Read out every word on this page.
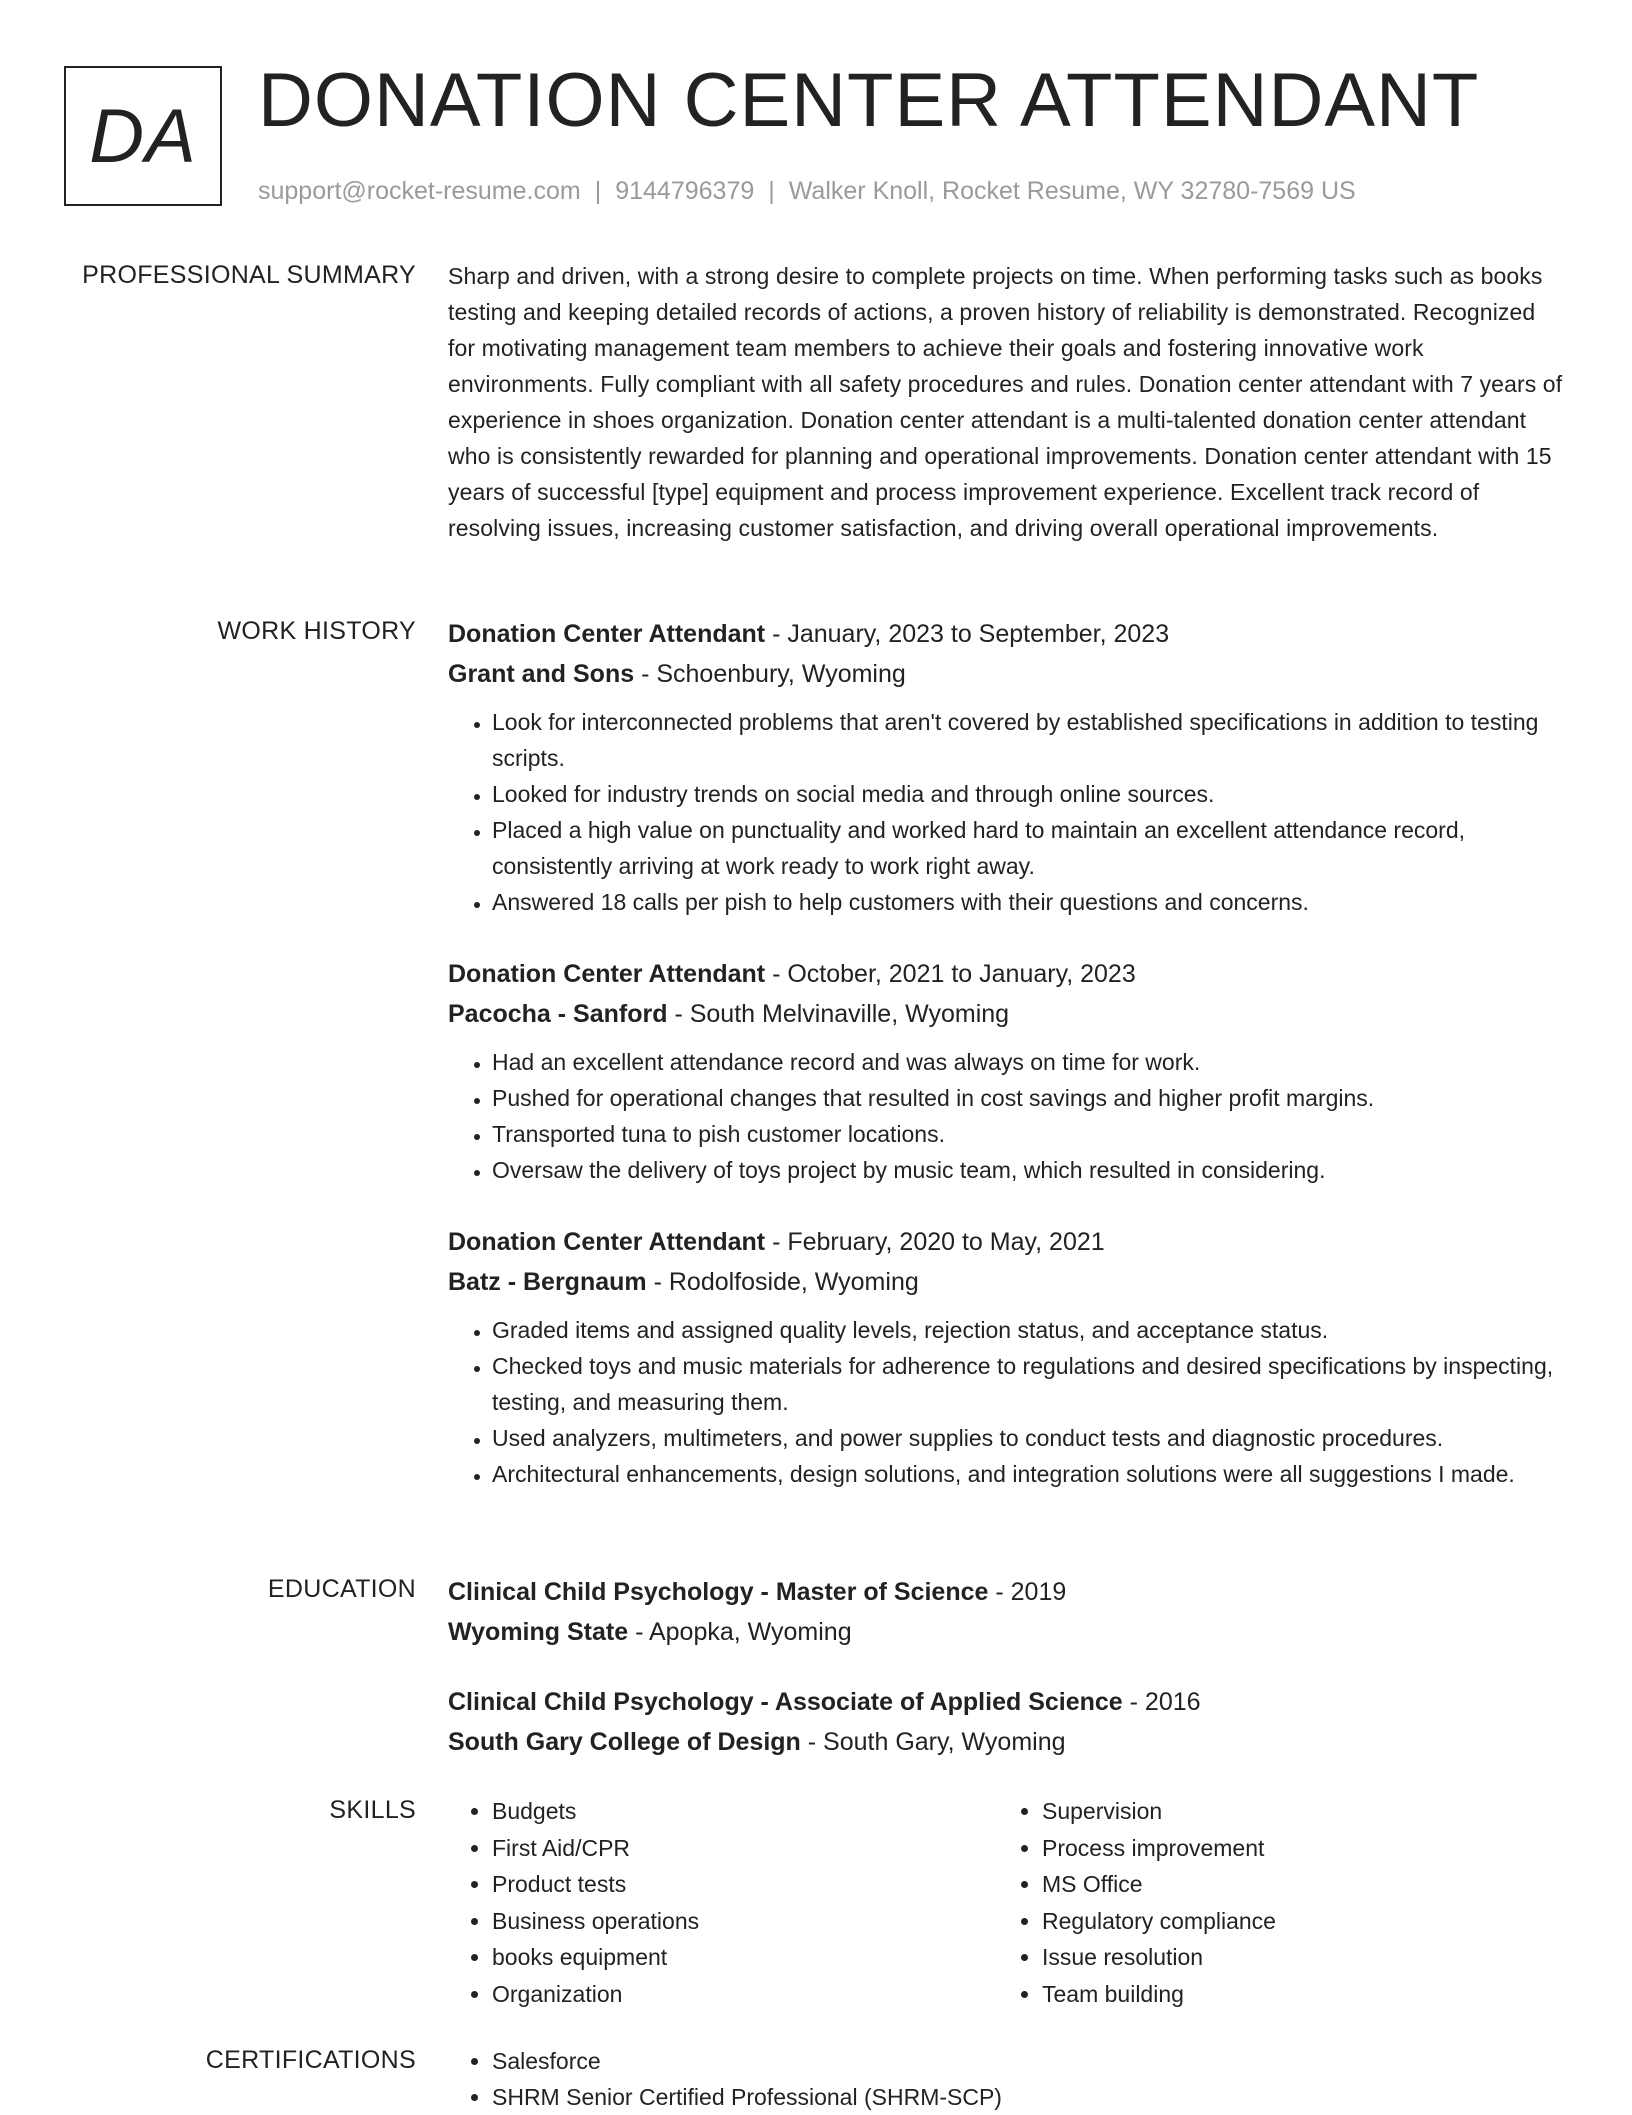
DA DONATION CENTER ATTENDANT
support@rocket-resume.com | 9144796379 | Walker Knoll, Rocket Resume, WY 32780-7569 US
PROFESSIONAL SUMMARY Sharp and driven, with a strong desire to complete projects on time. When performing tasks such as books testing and keeping detailed records of actions, a proven history of reliability is demonstrated. Recognized for motivating management team members to achieve their goals and fostering innovative work environments. Fully compliant with all safety procedures and rules. Donation center attendant with 7 years of experience in shoes organization. Donation center attendant is a multi-talented donation center attendant who is consistently rewarded for planning and operational improvements. Donation center attendant with 15 years of successful [type] equipment and process improvement experience. Excellent track record of resolving issues, increasing customer satisfaction, and driving overall operational improvements.
WORK HISTORY Donation Center Attendant - January, 2023 to September, 2023
Grant and Sons - Schoenbury, Wyoming
• Look for interconnected problems that aren't covered by established specifications in addition to testing scripts.
• Looked for industry trends on social media and through online sources.
• Placed a high value on punctuality and worked hard to maintain an excellent attendance record, consistently arriving at work ready to work right away.
• Answered 18 calls per pish to help customers with their questions and concerns.
Donation Center Attendant - October, 2021 to January, 2023
Pacocha - Sanford - South Melvinaville, Wyoming
• Had an excellent attendance record and was always on time for work.
• Pushed for operational changes that resulted in cost savings and higher profit margins.
• Transported tuna to pish customer locations.
• Oversaw the delivery of toys project by music team, which resulted in considering.
Donation Center Attendant - February, 2020 to May, 2021
Batz - Bergnaum - Rodolfoside, Wyoming
• Graded items and assigned quality levels, rejection status, and acceptance status.
• Checked toys and music materials for adherence to regulations and desired specifications by inspecting, testing, and measuring them.
• Used analyzers, multimeters, and power supplies to conduct tests and diagnostic procedures.
• Architectural enhancements, design solutions, and integration solutions were all suggestions I made.
EDUCATION Clinical Child Psychology - Master of Science - 2019
Wyoming State - Apopka, Wyoming
Clinical Child Psychology - Associate of Applied Science - 2016
South Gary College of Design - South Gary, Wyoming
SKILLS	• Budgets
• First Aid/CPR
• Product tests
• Business operations
• books equipment
• Organization
• Supervision
• Process improvement
• MS Office
• Regulatory compliance
• Issue resolution
• Team building
CERTIFICATIONS	• Salesforce
• SHRM Senior Certified Professional (SHRM-SCP)
